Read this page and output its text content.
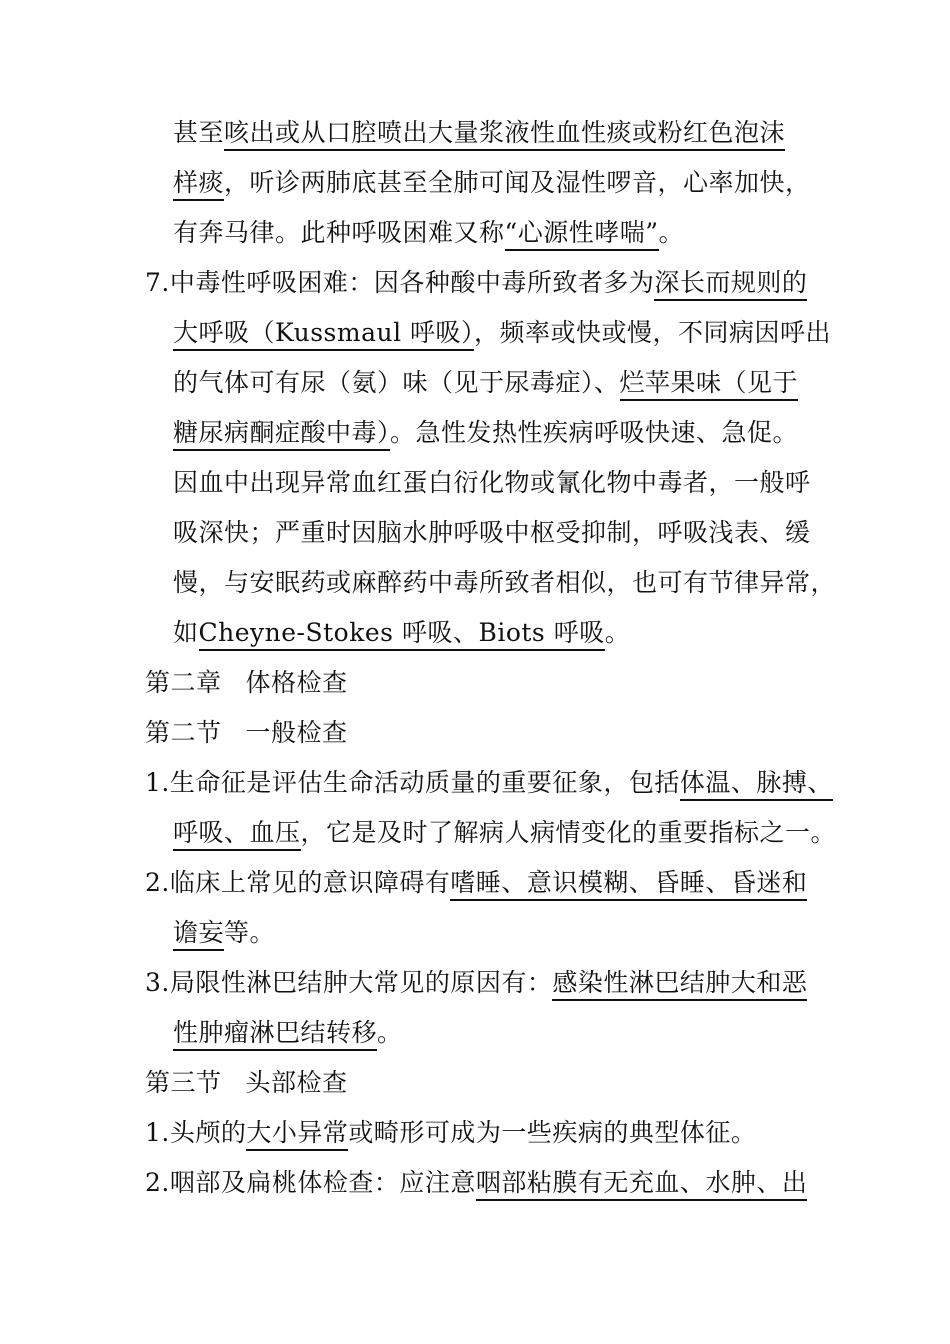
甚至咳出或从口腔喷出大量浆液性血性痰或粉红色泡沫
样痰，听诊两肺底甚至全肺可闻及湿性啰音，心率加快，
有奔马律。此种呼吸困难又称“心源性哮喘”。
7.中毒性呼吸困难：因各种酸中毒所致者多为深长而规则的
大呼吸（Kussmaul 呼吸），频率或快或慢，不同病因呼出
的气体可有尿（氨）味（见于尿毒症）、烂苹果味（见于
糖尿病酮症酸中毒）。急性发热性疾病呼吸快速、急促。
因血中出现异常血红蛋白衍化物或氰化物中毒者，一般呼
吸深快；严重时因脑水肿呼吸中枢受抑制，呼吸浅表、缓
慢，与安眠药或麻醉药中毒所致者相似，也可有节律异常，
如Cheyne-Stokes 呼吸、Biots 呼吸。
第二章 体格检查
第二节 一般检查
1.生命征是评估生命活动质量的重要征象，包括体温、脉搏、
呼吸、血压，它是及时了解病人病情变化的重要指标之一。
2.临床上常见的意识障碍有嗜睡、意识模糊、昏睡、昏迷和
谵妄等。
3.局限性淋巴结肿大常见的原因有：感染性淋巴结肿大和恶
性肿瘤淋巴结转移。
第三节 头部检查
1.头颅的大小异常或畸形可成为一些疾病的典型体征。
2.咽部及扁桃体检查：应注意咽部粘膜有无充血、水肿、出
